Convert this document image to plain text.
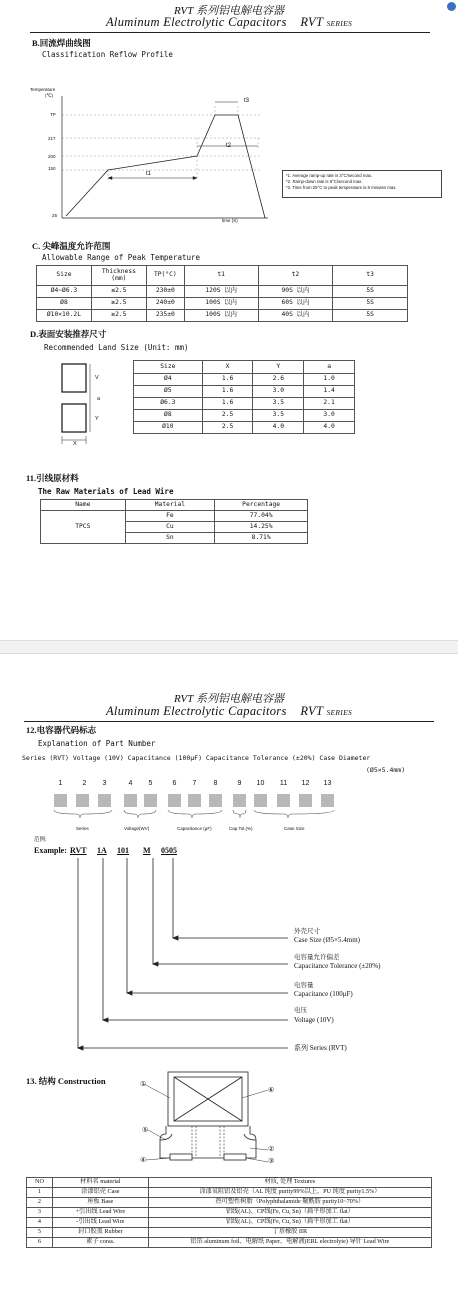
RVT 系列铝电解电容器
Aluminum Electrolytic Capacitors RVT SERIES
B.回流焊曲线图
Classification Reflow Profile
Temperature
(℃)
TP
217
200
150
25
t3
t2
t1
time (S)
*1. Average ramp-up rate is 3°C/second max.
*2. Ramp-down rate is 6°C/second max.
*3. Time from 25°C to peak temperature is 8 minutes max.
C. 尖峰温度允许范围
Allowable Range of Peak Temperature
Size	Thickness (mm)	TP(°C)	t1	t2	t3
Ø4~Ø6.3	≤2.5	230±0	120S 以内	90S 以内	5S
Ø8	≥2.5	240±0	100S 以内	60S 以内	5S
Ø10×10.2L	≥2.5	235±0	100S 以内	40S 以内	5S
D.表面安装推荐尺寸
Recommended Land Size (Unit: mm)
V
a
Y
X
Size	X	Y	a
Ø4	1.6	2.6	1.0
Ø5	1.6	3.0	1.4
Ø6.3	1.6	3.5	2.1
Ø8	2.5	3.5	3.0
Ø10	2.5	4.0	4.0
11.引线原材料
The Raw Materials of Lead Wire
Name	Material	Percentage
TPCS	Fe	77.04%
	Cu	14.25%
	Sn	8.71%
RVT 系列铝电解电容器
Aluminum Electrolytic Capacitors RVT SERIES
12.电容器代码标志
Explanation of Part Number
Series (RVT) Voltage (10V) Capacitance (100μF) Capacitance Tolerance (±20%) Case Diameter
(Ø5×5.4mm)
1	2	3	4	5	6	7	8	9	10	11	12	13
Series	Voltage(WV)	Capacitance (μF)	Cap.Tol.(%)	Case Size
范例:
Example: RVT 1A 101 M 0505
外壳尺寸
Case Size (Ø5×5.4mm)
电容量允许偏差
Capacitance Tolerance (±20%)
电容量
Capacitance (100μF)
电压
Voltage (10V)
系列 Series (RVT)
13. 结构 Construction	①
②
③
④
⑤
⑥
NO	材料名 material	材质, 处理 Textures
1	涂漆铝壳 Case	涂漆氧阻铝及铝壳（AL 纯度 purity99%以上，PU 纯度 purity1.5%）
2	座板 Base	热可塑性树脂（Polyphthalamide 聚酰胺 purity10~70%）
3	+引出线 Lead Wire	铝线(AL)、CP线(Fe, Cu, Sn)（扁平形加工 flat）
4	-引出线 Lead Wire	铝线(AL)、CP线(Fe, Cu, Sn)（扁平形加工 flat）
5	封口胶盖 Rubber	丁基橡胶 IIR
6	素子 coras.	铝箔 aluminum foil、电解纸 Paper、电解液(ERL electrolyte) 导针 Lead Wire
